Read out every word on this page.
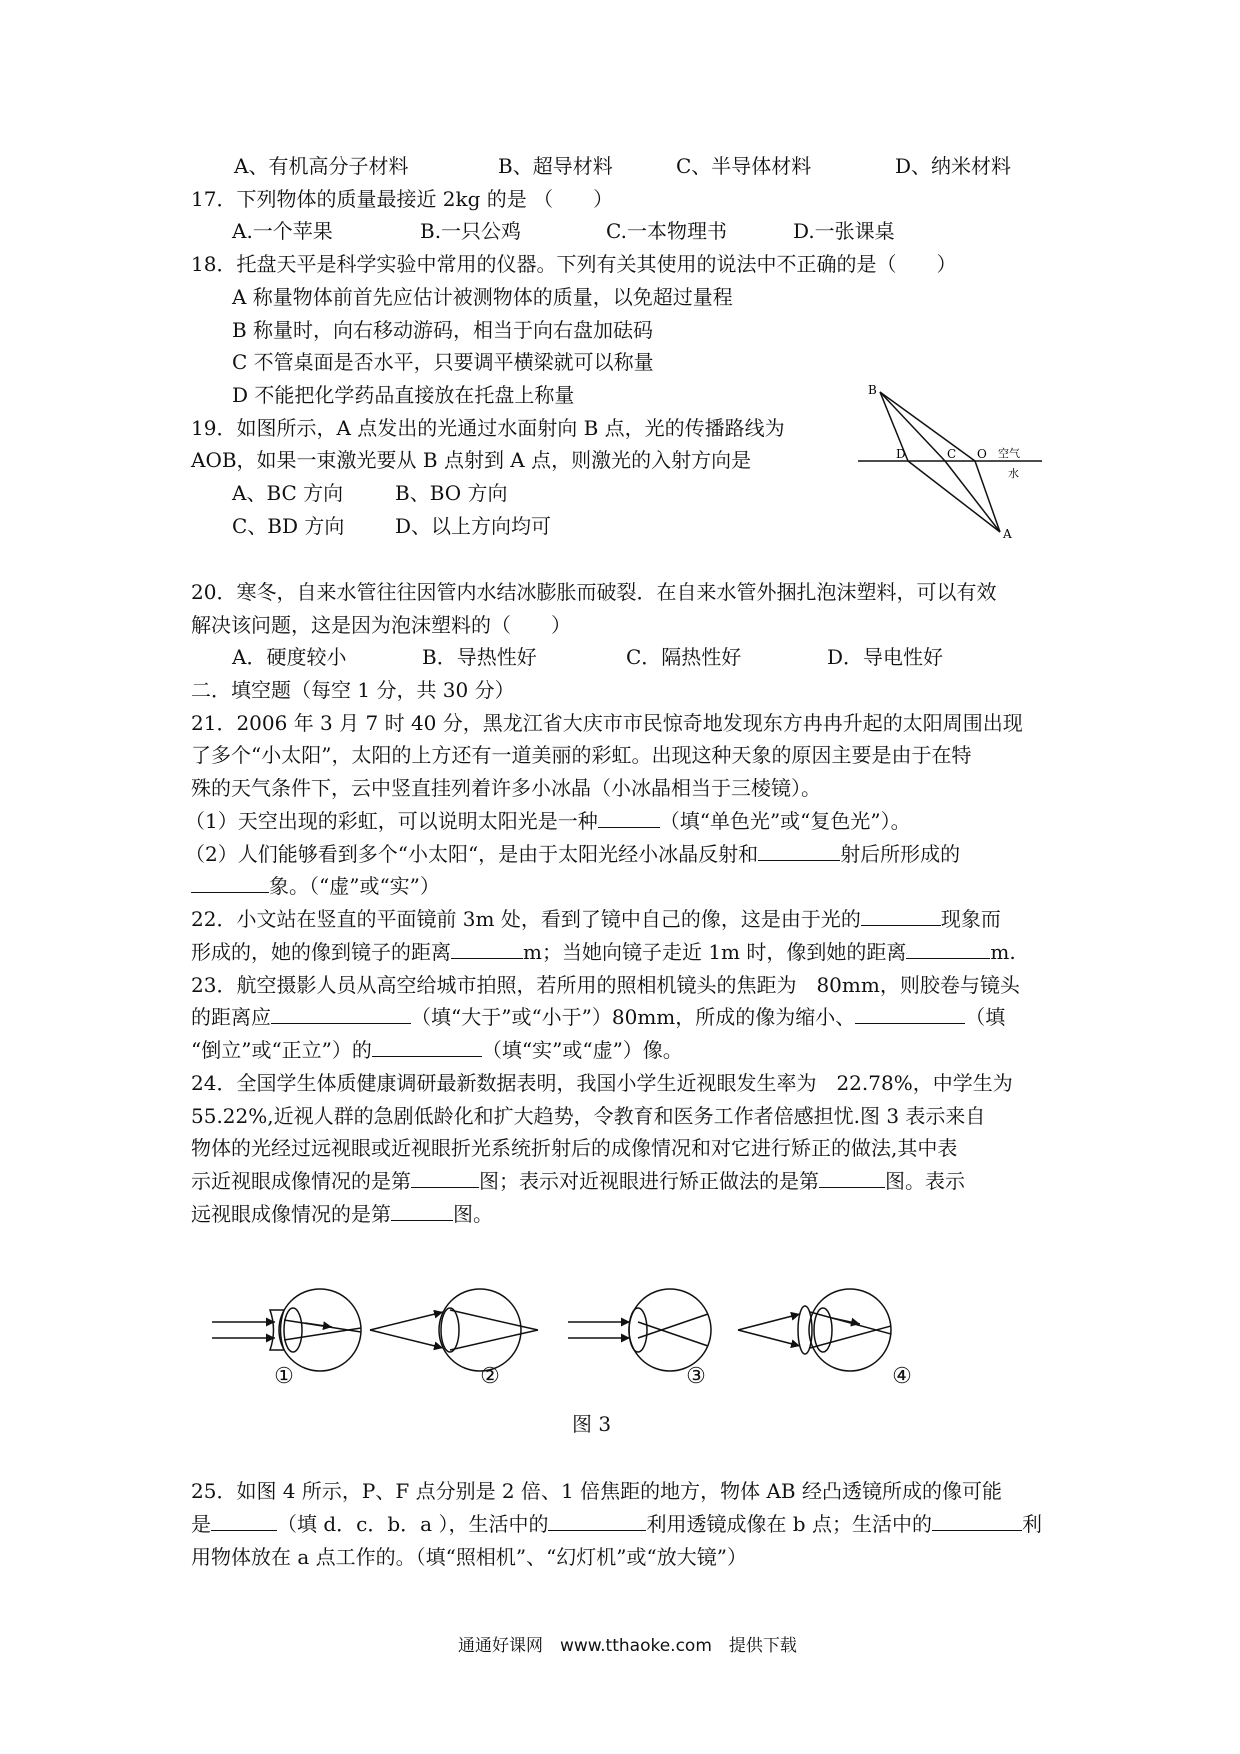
A、有机高分子材料	B、超导材料	C、半导体材料	D、纳米材料
17．下列物体的质量最接近 2kg 的是 （　　）
A.一个苹果	B.一只公鸡	C.一本物理书	D.一张课桌
18．托盘天平是科学实验中常用的仪器。下列有关其使用的说法中不正确的是（　　）
A 称量物体前首先应估计被测物体的质量，以免超过量程
B 称量时，向右移动游码，相当于向右盘加砝码
C 不管桌面是否水平，只要调平横梁就可以称量
D 不能把化学药品直接放在托盘上称量
19．如图所示，A 点发出的光通过水面射向 B 点，光的传播路线为
AOB，如果一束激光要从 B 点射到 A 点，则激光的入射方向是
A、BC 方向	B、BO 方向
C、BD 方向	D、以上方向均可
B
A
D	C O 空气
水
20．寒冬，自来水管往往因管内水结冰膨胀而破裂．在自来水管外捆扎泡沫塑料，可以有效
解决该问题，这是因为泡沫塑料的（　　）
A．硬度较小	B．导热性好	C．隔热性好	D．导电性好
二．填空题（每空 1 分，共 30 分）
21．2006 年 3 月 7 时 40 分，黑龙江省大庆市市民惊奇地发现东方冉冉升起的太阳周围出现
了多个“小太阳”，太阳的上方还有一道美丽的彩虹。出现这种天象的原因主要是由于在特
殊的天气条件下，云中竖直挂列着许多小冰晶（小冰晶相当于三棱镜）。
（1）天空出现的彩虹，可以说明太阳光是一种	（填“单色光”或“复色光”）。
（2）人们能够看到多个“小太阳“，是由于太阳光经小冰晶反射和	射后所形成的
象。（“虚”或“实”）
22．小文站在竖直的平面镜前 3m 处，看到了镜中自己的像，这是由于光的	现象而
形成的，她的像到镜子的距离	m；当她向镜子走近 1m 时，像到她的距离	m.
23．航空摄影人员从高空给城市拍照，若所用的照相机镜头的焦距为　80mm，则胶卷与镜头
的距离应	（填“大于”或“小于”）80mm，所成的像为缩小、	（填
“倒立”或“正立”）的	（填“实”或“虚”）像。
24．全国学生体质健康调研最新数据表明，我国小学生近视眼发生率为　22.78%，中学生为
55.22%,近视人群的急剧低龄化和扩大趋势，令教育和医务工作者倍感担忧.图 3 表示来自
物体的光经过远视眼或近视眼折光系统折射后的成像情况和对它进行矫正的做法,其中表
示近视眼成像情况的是第	图；表示对近视眼进行矫正做法的是第	图。表示
远视眼成像情况的是第	图。
①	②	③	④
图 3
25．如图 4 所示，P、F 点分别是 2 倍、1 倍焦距的地方，物体 AB 经凸透镜所成的像可能
是	（填 d．c．b．a ），生活中的	利用透镜成像在 b 点；生活中的	利
用物体放在 a 点工作的。（填“照相机”、“幻灯机”或“放大镜”）
通通好课网　www.tthaoke.com　提供下载
